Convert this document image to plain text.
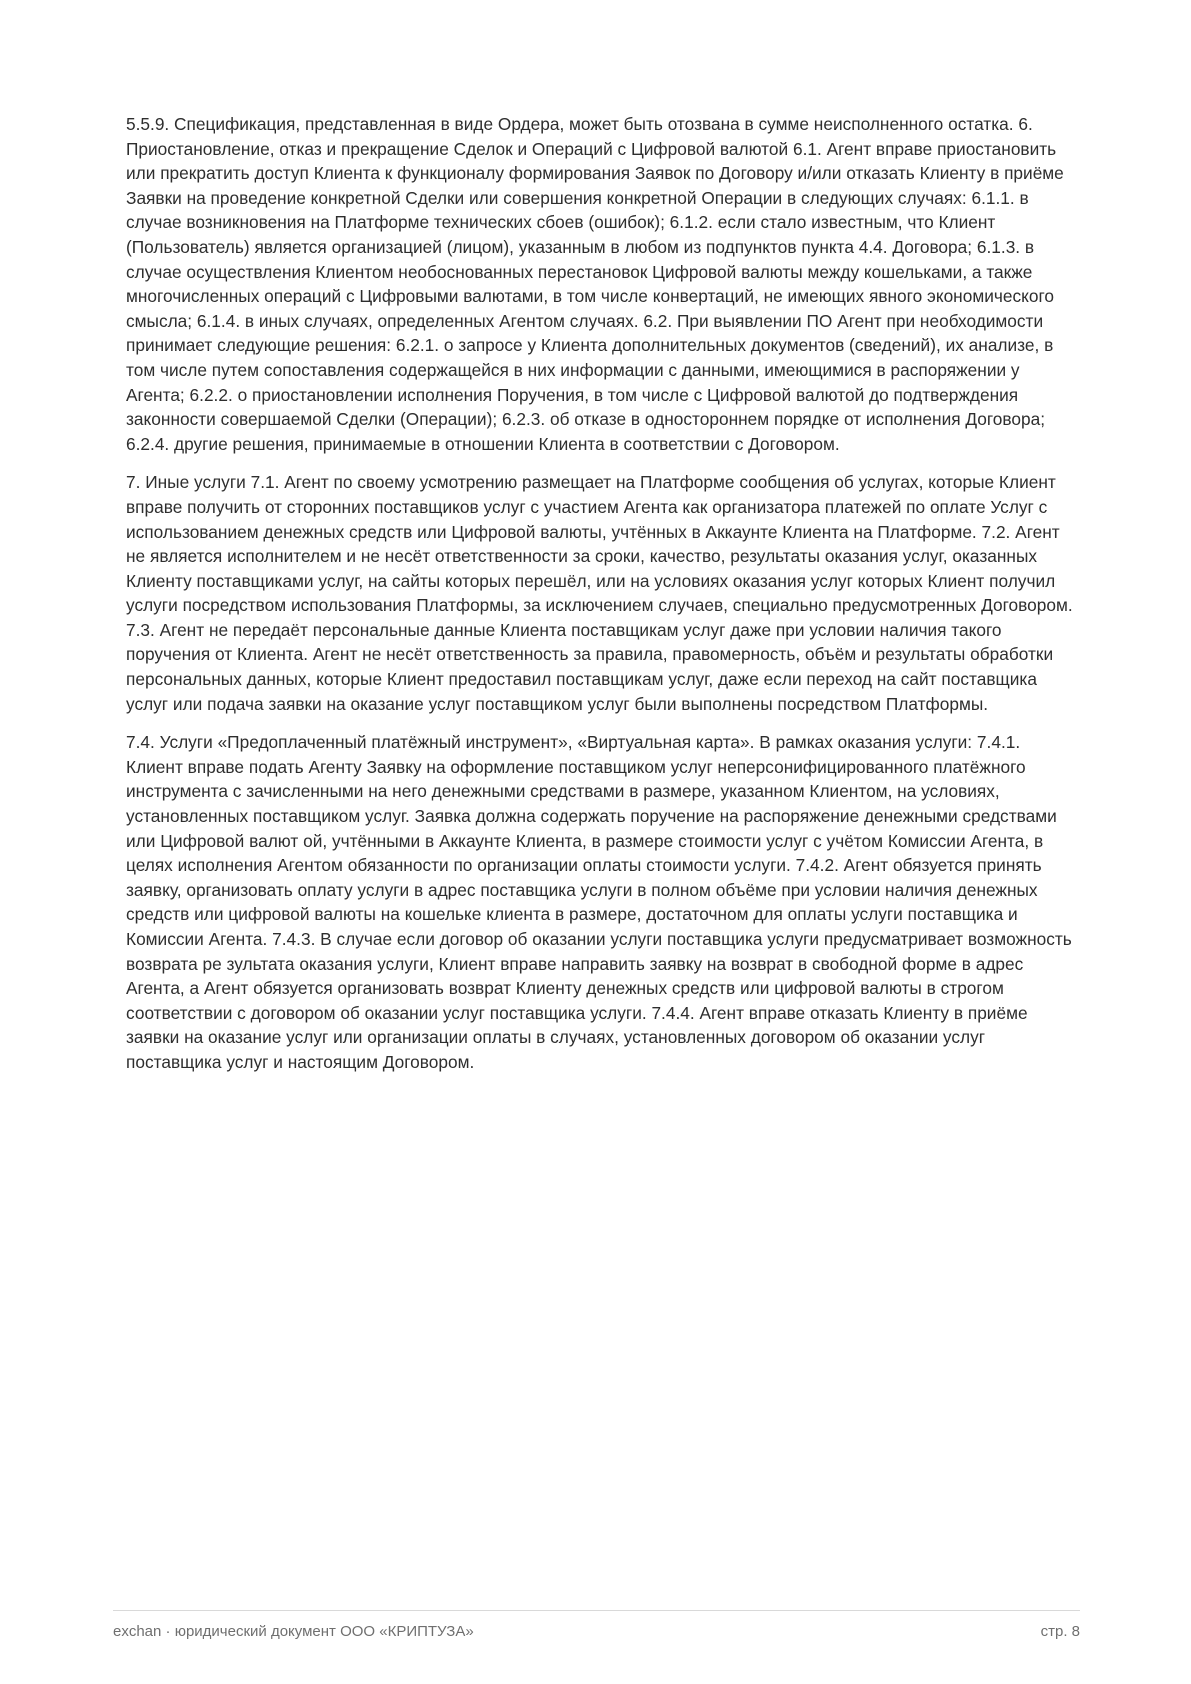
5.5.9. Спецификация, представленная в виде Ордера, может быть отозвана в сумме неисполненного остатка. 6. Приостановление, отказ и прекращение Сделок и Операций с Цифровой валютой 6.1. Агент вправе приостановить или прекратить доступ Клиента к функционалу формирования Заявок по Договору и/или отказать Клиенту в приёме Заявки на проведение конкретной Сделки или совершения конкретной Операции в следующих случаях: 6.1.1. в случае возникновения на Платформе технических сбоев (ошибок); 6.1.2. если стало известным, что Клиент (Пользователь) является организацией (лицом), указанным в любом из подпунктов пункта 4.4. Договора; 6.1.3. в случае осуществления Клиентом необоснованных перестановок Цифровой валюты между кошельками, а также многочисленных операций с Цифровыми валютами, в том числе конвертаций, не имеющих явного экономического смысла; 6.1.4. в иных случаях, определенных Агентом случаях. 6.2. При выявлении ПО Агент при необходимости принимает следующие решения: 6.2.1. о запросе у Клиента дополнительных документов (сведений), их анализе, в том числе путем сопоставления содержащейся в них информации с данными, имеющимися в распоряжении у Агента; 6.2.2. о приостановлении исполнения Поручения, в том числе с Цифровой валютой до подтверждения законности совершаемой Сделки (Операции); 6.2.3. об отказе в одностороннем порядке от исполнения Договора; 6.2.4. другие решения, принимаемые в отношении Клиента в соответствии с Договором.

7. Иные услуги 7.1. Агент по своему усмотрению размещает на Платформе сообщения об услугах, которые Клиент вправе получить от сторонних поставщиков услуг с участием Агента как организатора платежей по оплате Услуг с использованием денежных средств или Цифровой валюты, учтённых в Аккаунте Клиента на Платформе. 7.2. Агент не является исполнителем и не несёт ответственности за сроки, качество, результаты оказания услуг, оказанных Клиенту поставщиками услуг, на сайты которых перешёл, или на условиях оказания услуг которых Клиент получил услуги посредством использования Платформы, за исключением случаев, специально предусмотренных Договором. 7.3. Агент не передаёт персональные данные Клиента поставщикам услуг даже при условии наличия такого поручения от Клиента. Агент не несёт ответственность за правила, правомерность, объём и результаты обработки персональных данных, которые Клиент предоставил поставщикам услуг, даже если переход на сайт поставщика услуг или подача заявки на оказание услуг поставщиком услуг были выполнены посредством Платформы.

7.4. Услуги «Предоплаченный платёжный инструмент», «Виртуальная карта». В рамках оказания услуги: 7.4.1. Клиент вправе подать Агенту Заявку на оформление поставщиком услуг неперсонифицированного платёжного инструмента с зачисленными на него денежными средствами в размере, указанном Клиентом, на условиях, установленных поставщиком услуг. Заявка должна содержать поручение на распоряжение денежными средствами или Цифровой валют ой, учтёнными в Аккаунте Клиента, в размере стоимости услуг с учётом Комиссии Агента, в целях исполнения Агентом обязанности по организации оплаты стоимости услуги. 7.4.2. Агент обязуется принять заявку, организовать оплату услуги в адрес поставщика услуги в полном объёме при условии наличия денежных средств или цифровой валюты на кошельке клиента в размере, достаточном для оплаты услуги поставщика и Комиссии Агента. 7.4.3. В случае если договор об оказании услуги поставщика услуги предусматривает возможность возврата ре зультата оказания услуги, Клиент вправе направить заявку на возврат в свободной форме в адрес Агента, а Агент обязуется организовать возврат Клиенту денежных средств или цифровой валюты в строгом соответствии с договором об оказании услуг поставщика услуги. 7.4.4. Агент вправе отказать Клиенту в приёме заявки на оказание услуг или организации оплаты в случаях, установленных договором об оказании услуг поставщика услуг и настоящим Договором.

exchan · юридический документ ООО «КРИПТУЗА»	стр. 8
